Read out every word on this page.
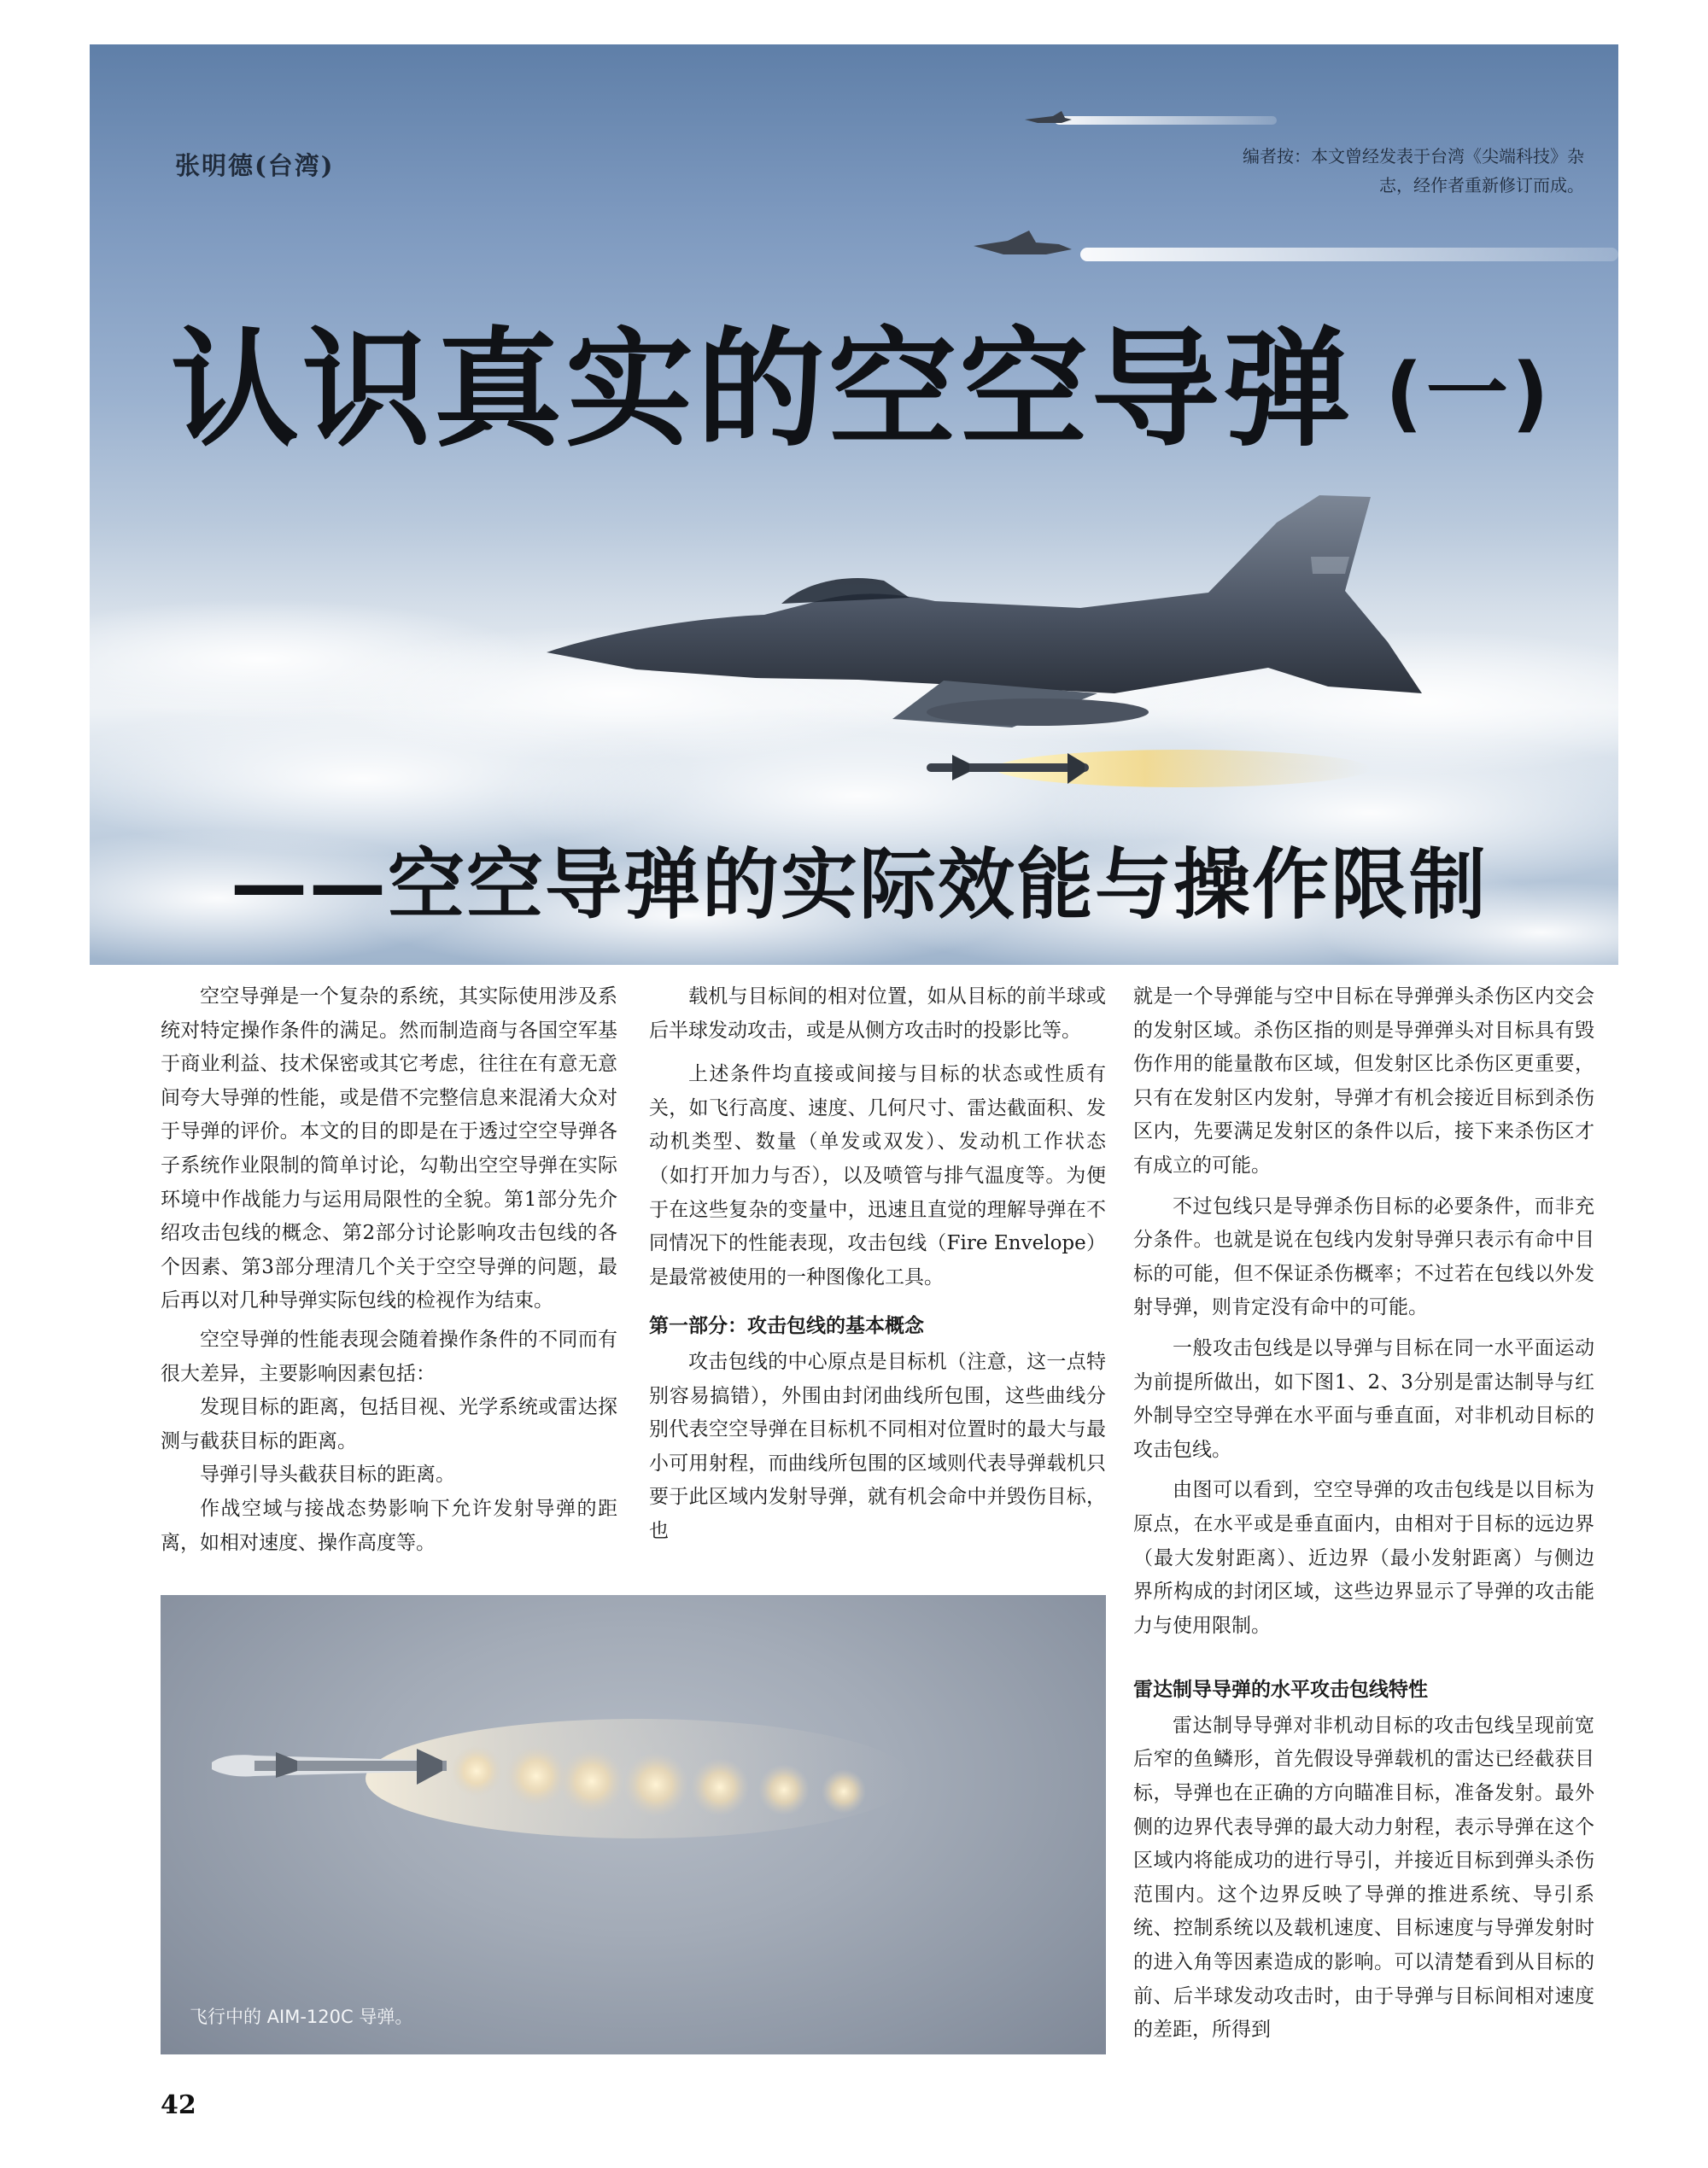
张明德(台湾)	编者按：本文曾经发表于台湾《尖端科技》杂志，经作者重新修订而成。
认识真实的空空导弹 (一)
——空空导弹的实际效能与操作限制

空空导弹是一个复杂的系统，其实际使用涉及系统对特定操作条件的满足。然而制造商与各国空军基于商业利益、技术保密或其它考虑，往往在有意无意间夸大导弹的性能，或是借不完整信息来混淆大众对于导弹的评价。本文的目的即是在于透过空空导弹各子系统作业限制的简单讨论，勾勒出空空导弹在实际环境中作战能力与运用局限性的全貌。第1部分先介绍攻击包线的概念、第2部分讨论影响攻击包线的各个因素、第3部分理清几个关于空空导弹的问题，最后再以对几种导弹实际包线的检视作为结束。

空空导弹的性能表现会随着操作条件的不同而有很大差异，主要影响因素包括：

发现目标的距离，包括目视、光学系统或雷达探测与截获目标的距离。

导弹引导头截获目标的距离。

作战空域与接战态势影响下允许发射导弹的距离，如相对速度、操作高度等。

载机与目标间的相对位置，如从目标的前半球或后半球发动攻击，或是从侧方攻击时的投影比等。

上述条件均直接或间接与目标的状态或性质有关，如飞行高度、速度、几何尺寸、雷达截面积、发动机类型、数量（单发或双发）、发动机工作状态（如打开加力与否），以及喷管与排气温度等。为便于在这些复杂的变量中，迅速且直觉的理解导弹在不同情况下的性能表现，攻击包线（Fire Envelope）是最常被使用的一种图像化工具。

第一部分：攻击包线的基本概念

攻击包线的中心原点是目标机（注意，这一点特别容易搞错），外围由封闭曲线所包围，这些曲线分别代表空空导弹在目标机不同相对位置时的最大与最小可用射程，而曲线所包围的区域则代表导弹载机只要于此区域内发射导弹，就有机会命中并毁伤目标，也

就是一个导弹能与空中目标在导弹弹头杀伤区内交会的发射区域。杀伤区指的则是导弹弹头对目标具有毁伤作用的能量散布区域，但发射区比杀伤区更重要，只有在发射区内发射，导弹才有机会接近目标到杀伤区内，先要满足发射区的条件以后，接下来杀伤区才有成立的可能。

不过包线只是导弹杀伤目标的必要条件，而非充分条件。也就是说在包线内发射导弹只表示有命中目标的可能，但不保证杀伤概率；不过若在包线以外发射导弹，则肯定没有命中的可能。

一般攻击包线是以导弹与目标在同一水平面运动为前提所做出，如下图1、2、3分别是雷达制导与红外制导空空导弹在水平面与垂直面，对非机动目标的攻击包线。

由图可以看到，空空导弹的攻击包线是以目标为原点，在水平或是垂直面内，由相对于目标的远边界（最大发射距离）、近边界（最小发射距离）与侧边界所构成的封闭区域，这些边界显示了导弹的攻击能力与使用限制。

雷达制导导弹的水平攻击包线特性

雷达制导导弹对非机动目标的攻击包线呈现前宽后窄的鱼鳞形，首先假设导弹载机的雷达已经截获目标，导弹也在正确的方向瞄准目标，准备发射。最外侧的边界代表导弹的最大动力射程，表示导弹在这个区域内将能成功的进行导引，并接近目标到弹头杀伤范围内。这个边界反映了导弹的推进系统、导引系统、控制系统以及载机速度、目标速度与导弹发射时的进入角等因素造成的影响。可以清楚看到从目标的前、后半球发动攻击时，由于导弹与目标间相对速度的差距，所得到

飞行中的 AIM-120C 导弹。
42
